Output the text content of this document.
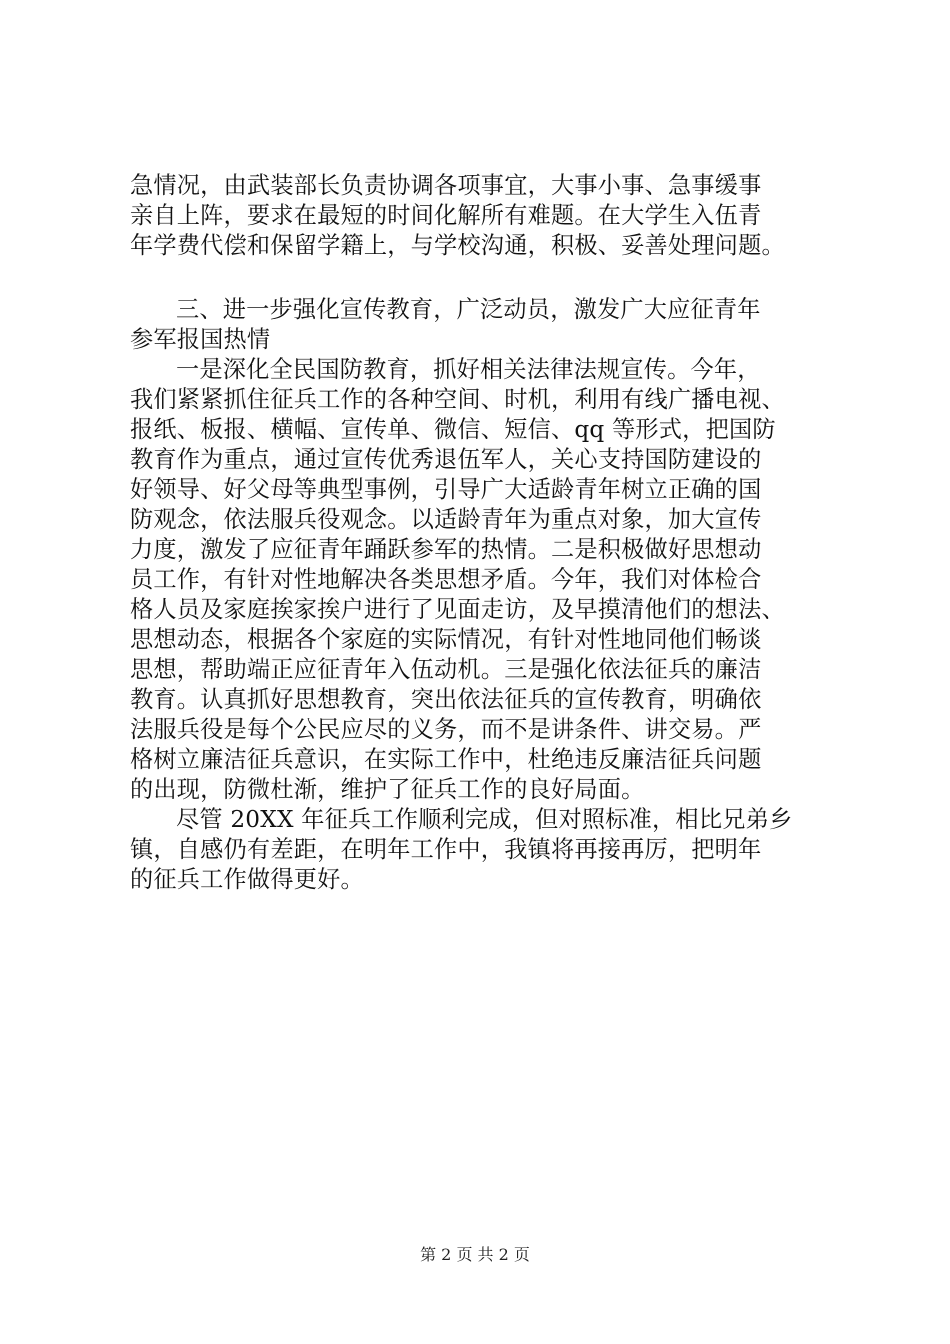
急情况，由武装部长负责协调各项事宜，大事小事、急事缓事
亲自上阵，要求在最短的时间化解所有难题。在大学生入伍青
年学费代偿和保留学籍上，与学校沟通，积极、妥善处理问题。
三、进一步强化宣传教育，广泛动员，激发广大应征青年
参军报国热情
一是深化全民国防教育，抓好相关法律法规宣传。今年，
我们紧紧抓住征兵工作的各种空间、时机，利用有线广播电视、
报纸、板报、横幅、宣传单、微信、短信、qq 等形式，把国防
教育作为重点，通过宣传优秀退伍军人，关心支持国防建设的
好领导、好父母等典型事例，引导广大适龄青年树立正确的国
防观念，依法服兵役观念。以适龄青年为重点对象，加大宣传
力度，激发了应征青年踊跃参军的热情。二是积极做好思想动
员工作，有针对性地解决各类思想矛盾。今年，我们对体检合
格人员及家庭挨家挨户进行了见面走访，及早摸清他们的想法、
思想动态，根据各个家庭的实际情况，有针对性地同他们畅谈
思想，帮助端正应征青年入伍动机。三是强化依法征兵的廉洁
教育。认真抓好思想教育，突出依法征兵的宣传教育，明确依
法服兵役是每个公民应尽的义务，而不是讲条件、讲交易。严
格树立廉洁征兵意识，在实际工作中，杜绝违反廉洁征兵问题
的出现，防微杜渐，维护了征兵工作的良好局面。
尽管 20XX 年征兵工作顺利完成，但对照标准，相比兄弟乡
镇，自感仍有差距，在明年工作中，我镇将再接再厉，把明年
的征兵工作做得更好。
第 2 页 共 2 页
